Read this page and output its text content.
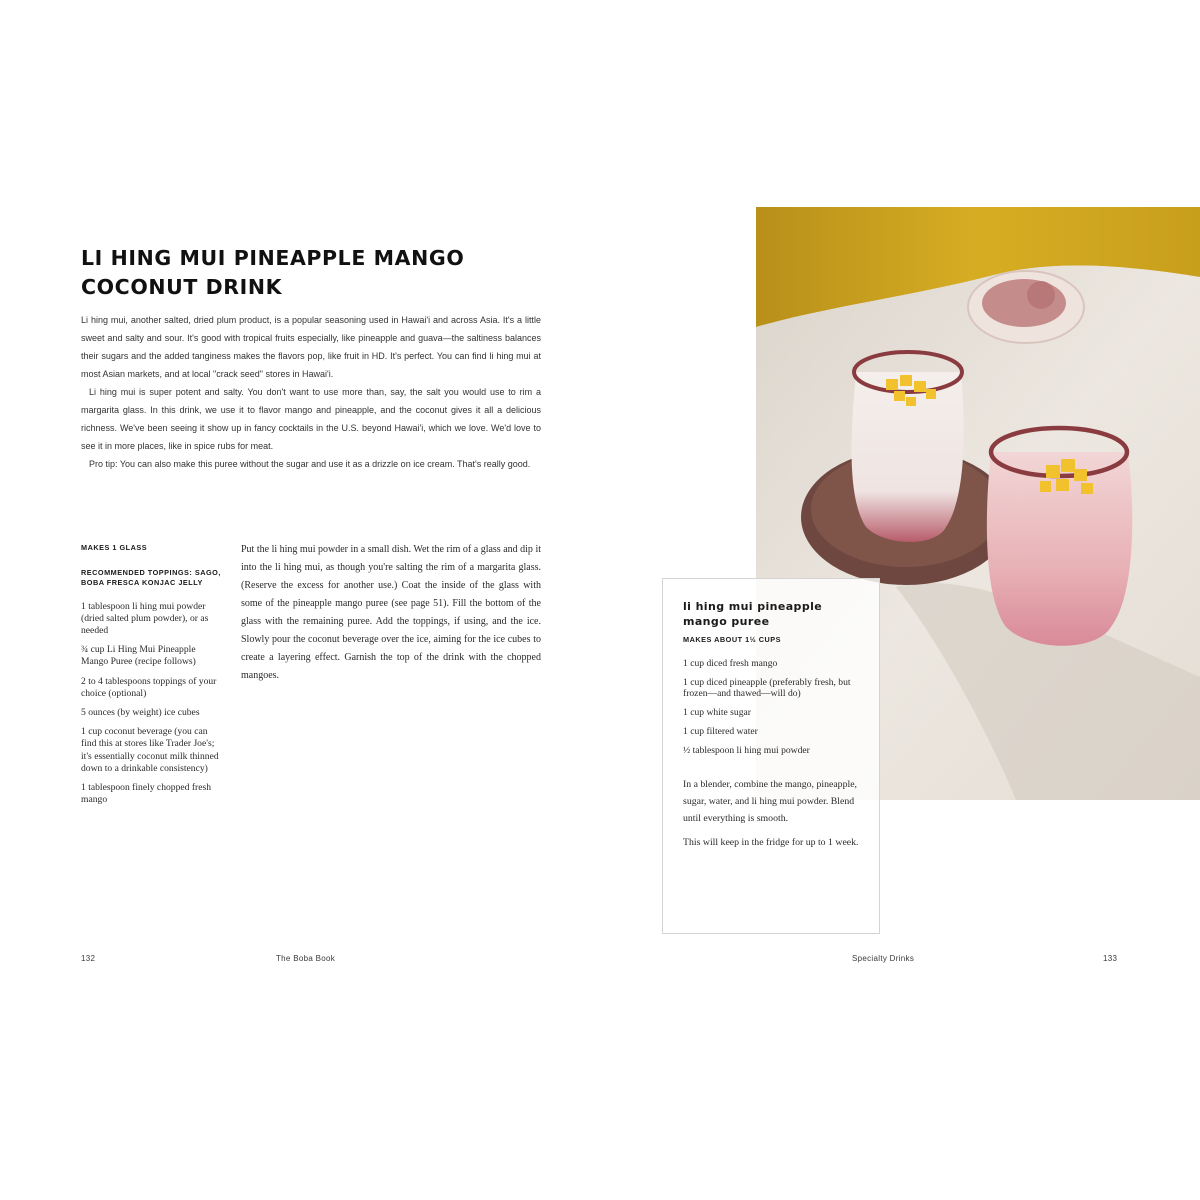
LI HING MUI PINEAPPLE MANGO
COCONUT DRINK

Li hing mui, another salted, dried plum product, is a popular seasoning used in Hawai'i and across Asia. It's a little sweet and salty and sour. It's good with tropical fruits especially, like pineapple and guava—the saltiness balances their sugars and the added tanginess makes the flavors pop, like fruit in HD. It's perfect. You can find li hing mui at most Asian markets, and at local "crack seed" stores in Hawai'i.

Li hing mui is super potent and salty. You don't want to use more than, say, the salt you would use to rim a margarita glass. In this drink, we use it to flavor mango and pineapple, and the coconut gives it all a delicious richness. We've been seeing it show up in fancy cocktails in the U.S. beyond Hawai'i, which we love. We'd love to see it in more places, like in spice rubs for meat.

Pro tip: You can also make this puree without the sugar and use it as a drizzle on ice cream. That's really good.

MAKES 1 GLASS
RECOMMENDED TOPPINGS: SAGO, BOBA FRESCA KONJAC JELLY
1 tablespoon li hing mui powder (dried salted plum powder), or as needed
¾ cup Li Hing Mui Pineapple Mango Puree (recipe follows)
2 to 4 tablespoons toppings of your choice (optional)
5 ounces (by weight) ice cubes
1 cup coconut beverage (you can find this at stores like Trader Joe's; it's essentially coconut milk thinned down to a drinkable consistency)
1 tablespoon finely chopped fresh mango

Put the li hing mui powder in a small dish. Wet the rim of a glass and dip it into the li hing mui, as though you're salting the rim of a margarita glass. (Reserve the excess for another use.) Coat the inside of the glass with some of the pineapple mango puree (see page 51). Fill the bottom of the glass with the remaining puree. Add the toppings, if using, and the ice. Slowly pour the coconut beverage over the ice, aiming for the ice cubes to create a layering effect. Garnish the top of the drink with the chopped mangoes.

132	The Boba Book
li hing mui pineapple
mango puree
MAKES ABOUT 1½ CUPS
1 cup diced fresh mango
1 cup diced pineapple (preferably fresh, but frozen—and thawed—will do)
1 cup white sugar
1 cup filtered water
½ tablespoon li hing mui powder

In a blender, combine the mango, pineapple, sugar, water, and li hing mui powder. Blend until everything is smooth.

This will keep in the fridge for up to 1 week.

Specialty Drinks	133
